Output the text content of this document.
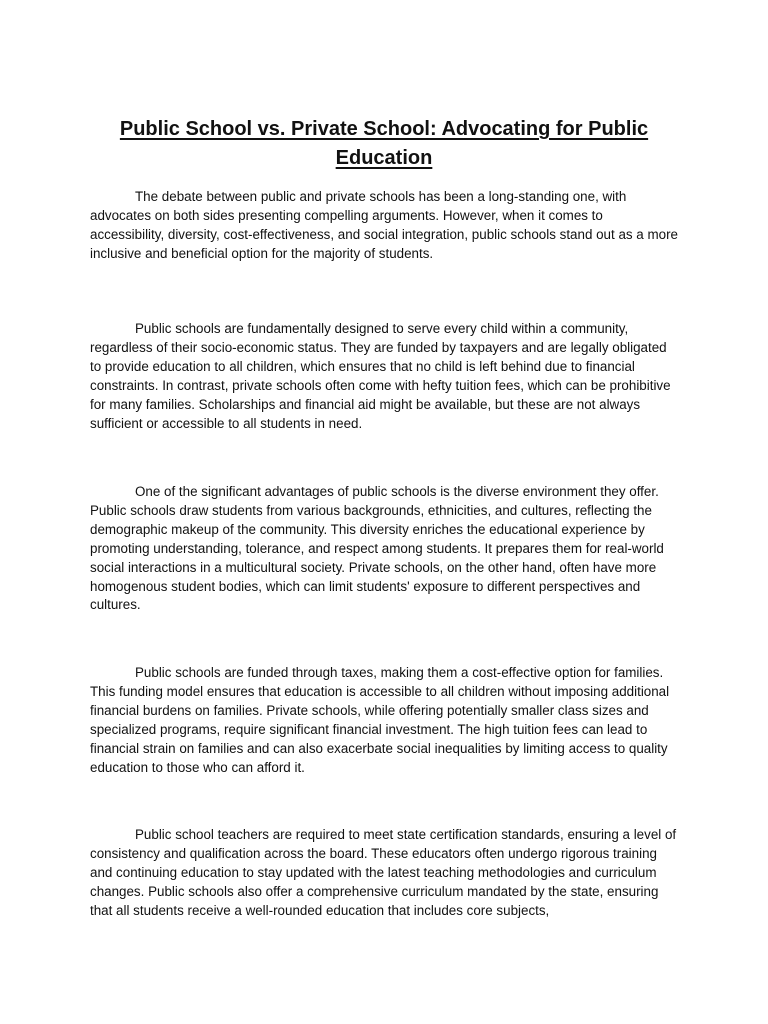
Public School vs. Private School: Advocating for Public Education

The debate between public and private schools has been a long-standing one, with advocates on both sides presenting compelling arguments. However, when it comes to accessibility, diversity, cost-effectiveness, and social integration, public schools stand out as a more inclusive and beneficial option for the majority of students.

Public schools are fundamentally designed to serve every child within a community, regardless of their socio-economic status. They are funded by taxpayers and are legally obligated to provide education to all children, which ensures that no child is left behind due to financial constraints. In contrast, private schools often come with hefty tuition fees, which can be prohibitive for many families. Scholarships and financial aid might be available, but these are not always sufficient or accessible to all students in need.

One of the significant advantages of public schools is the diverse environment they offer. Public schools draw students from various backgrounds, ethnicities, and cultures, reflecting the demographic makeup of the community. This diversity enriches the educational experience by promoting understanding, tolerance, and respect among students. It prepares them for real-world social interactions in a multicultural society. Private schools, on the other hand, often have more homogenous student bodies, which can limit students' exposure to different perspectives and cultures.

Public schools are funded through taxes, making them a cost-effective option for families. This funding model ensures that education is accessible to all children without imposing additional financial burdens on families. Private schools, while offering potentially smaller class sizes and specialized programs, require significant financial investment. The high tuition fees can lead to financial strain on families and can also exacerbate social inequalities by limiting access to quality education to those who can afford it.

Public school teachers are required to meet state certification standards, ensuring a level of consistency and qualification across the board. These educators often undergo rigorous training and continuing education to stay updated with the latest teaching methodologies and curriculum changes. Public schools also offer a comprehensive curriculum mandated by the state, ensuring that all students receive a well-rounded education that includes core subjects,
